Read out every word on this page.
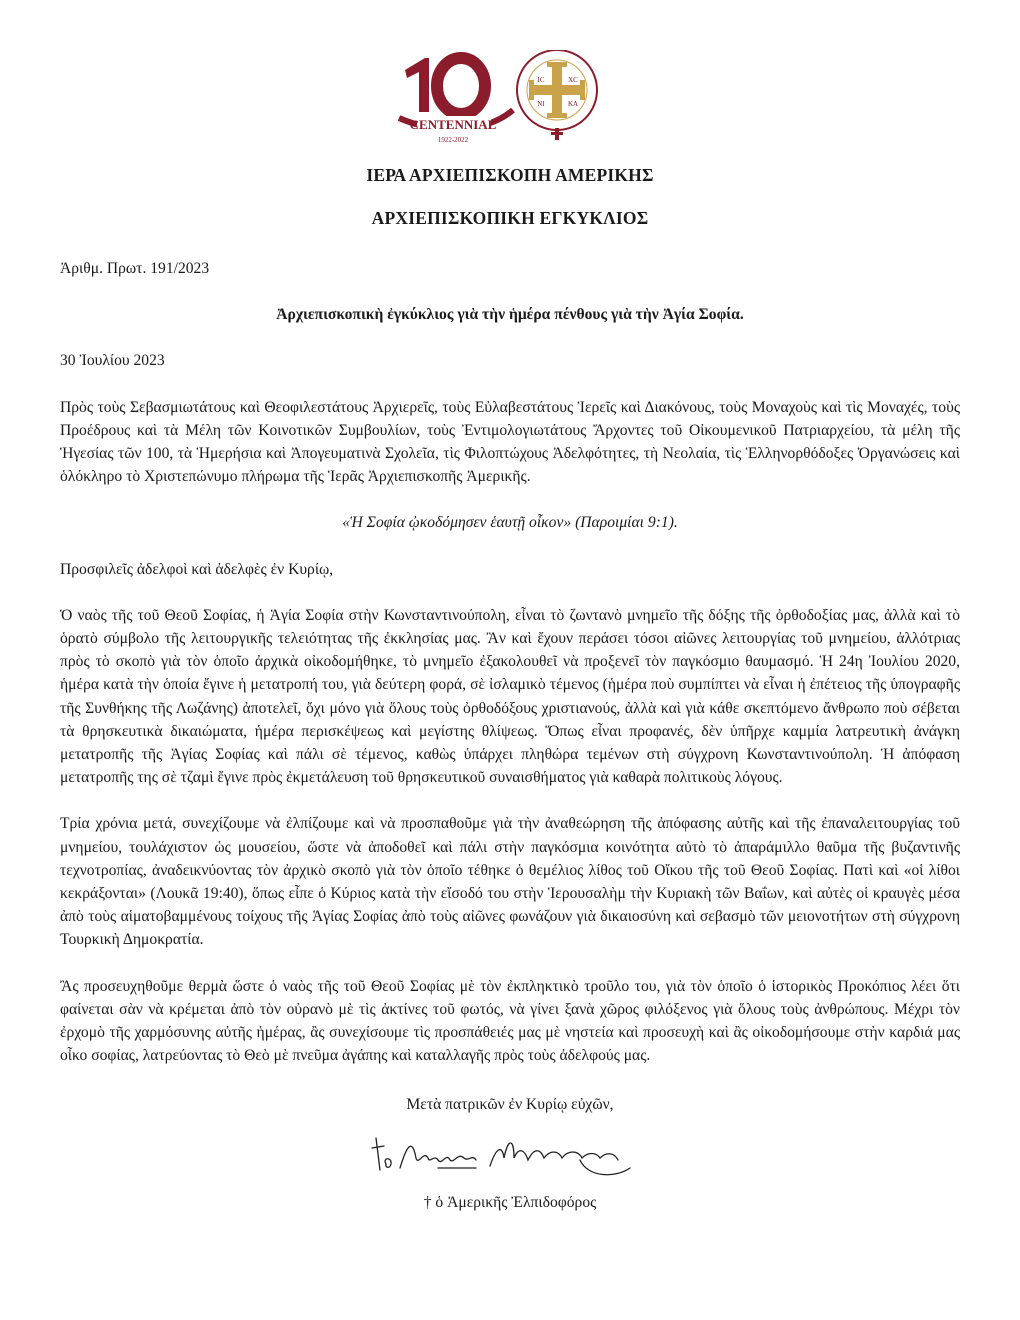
CENTENNIAL
1922-2022
IC	XC
NI	KA
ΙΕΡΑ ΑΡΧΙΕΠΙΣΚΟΠΗ ΑΜΕΡΙΚΗΣ
ΑΡΧΙΕΠΙΣΚΟΠΙΚΗ ΕΓΚΥΚΛΙΟΣ

Ἀριθμ. Πρωτ. 191/2023

Ἀρχιεπισκοπικὴ ἐγκύκλιος γιὰ τὴν ἡμέρα πένθους γιὰ τὴν Ἁγία Σοφία.

30 Ἰουλίου 2023

Πρὸς τοὺς Σεβασμιωτάτους καὶ Θεοφιλεστάτους Ἀρχιερεῖς, τοὺς Εὐλαβεστάτους Ἱερεῖς καὶ Διακόνους, τοὺς Μοναχοὺς καὶ τὶς Μοναχές, τοὺς Προέδρους καὶ τὰ Μέλη τῶν Κοινοτικῶν Συμβουλίων, τοὺς Ἐντιμολογιωτάτους Ἄρχοντες τοῦ Οἰκουμενικοῦ Πατριαρχείου, τὰ μέλη τῆς Ἡγεσίας τῶν 100, τὰ Ἡμερήσια καὶ Ἀπογευματινὰ Σχολεῖα, τὶς Φιλοπτώχους Ἀδελφότητες, τὴ Νεολαία, τὶς Ἑλληνορθόδοξες Ὀργανώσεις καὶ ὁλόκληρο τὸ Χριστεπώνυμο πλήρωμα τῆς Ἱερᾶς Ἀρχιεπισκοπῆς Ἀμερικῆς.

«Ἡ Σοφία ᾠκοδόμησεν ἑαυτῇ οἶκον» (Παροιμίαι 9:1).

Προσφιλεῖς ἀδελφοὶ καὶ ἀδελφὲς ἐν Κυρίῳ,

Ὁ ναὸς τῆς τοῦ Θεοῦ Σοφίας, ἡ Ἁγία Σοφία στὴν Κωνσταντινούπολη, εἶναι τὸ ζωντανὸ μνημεῖο τῆς δόξης τῆς ὀρθοδοξίας μας, ἀλλὰ καὶ τὸ ὁρατὸ σύμβολο τῆς λειτουργικῆς τελειότητας τῆς ἐκκλησίας μας. Ἂν καὶ ἔχουν περάσει τόσοι αἰῶνες λειτουργίας τοῦ μνημείου, ἀλλότριας πρὸς τὸ σκοπὸ γιὰ τὸν ὁποῖο ἀρχικὰ οἰκοδομήθηκε, τὸ μνημεῖο ἐξακολουθεῖ νὰ προξενεῖ τὸν παγκόσμιο θαυμασμό. Ἡ 24η Ἰουλίου 2020, ἡμέρα κατὰ τὴν ὁποία ἔγινε ἡ μετατροπή του, γιὰ δεύτερη φορά, σὲ ἰσλαμικὸ τέμενος (ἡμέρα ποὺ συμπίπτει νὰ εἶναι ἡ ἐπέτειος τῆς ὑπογραφῆς τῆς Συνθήκης τῆς Λωζάνης) ἀποτελεῖ, ὄχι μόνο γιὰ ὅλους τοὺς ὀρθοδόξους χριστιανούς, ἀλλὰ καὶ γιὰ κάθε σκεπτόμενο ἄνθρωπο ποὺ σέβεται τὰ θρησκευτικὰ δικαιώματα, ἡμέρα περισκέψεως καὶ μεγίστης θλίψεως. Ὅπως εἶναι προφανές, δὲν ὑπῆρχε καμμία λατρευτικὴ ἀνάγκη μετατροπῆς τῆς Ἁγίας Σοφίας καὶ πάλι σὲ τέμενος, καθὼς ὑπάρχει πληθώρα τεμένων στὴ σύγχρονη Κωνσταντινούπολη. Ἡ ἀπόφαση μετατροπῆς της σὲ τζαμὶ ἔγινε πρὸς ἐκμετάλευση τοῦ θρησκευτικοῦ συναισθήματος γιὰ καθαρὰ πολιτικοὺς λόγους.

Τρία χρόνια μετά, συνεχίζουμε νὰ ἐλπίζουμε καὶ νὰ προσπαθοῦμε γιὰ τὴν ἀναθεώρηση τῆς ἀπόφασης αὐτῆς καὶ τῆς ἐπαναλειτουργίας τοῦ μνημείου, τουλάχιστον ὡς μουσείου, ὥστε νὰ ἀποδοθεῖ καὶ πάλι στὴν παγκόσμια κοινότητα αὐτὸ τὸ ἀπαράμιλλο θαῦμα τῆς βυζαντινῆς τεχνοτροπίας, ἀναδεικνύοντας τὸν ἀρχικὸ σκοπὸ γιὰ τὸν ὁποῖο τέθηκε ὁ θεμέλιος λίθος τοῦ Οἴκου τῆς τοῦ Θεοῦ Σοφίας. Πατὶ καὶ «οἱ λίθοι κεκράξονται» (Λουκᾶ 19:40), ὅπως εἶπε ὁ Κύριος κατὰ τὴν εἴσοδό του στὴν Ἱερουσαλὴμ τὴν Κυριακὴ τῶν Βαΐων, καὶ αὐτὲς οἱ κραυγὲς μέσα ἀπὸ τοὺς αἱματοβαμμένους τοίχους τῆς Ἁγίας Σοφίας ἀπὸ τοὺς αἰῶνες φωνάζουν γιὰ δικαιοσύνη καὶ σεβασμὸ τῶν μειονοτήτων στὴ σύγχρονη Τουρκικὴ Δημοκρατία.

Ἂς προσευχηθοῦμε θερμὰ ὥστε ὁ ναὸς τῆς τοῦ Θεοῦ Σοφίας μὲ τὸν ἐκπληκτικὸ τροῦλο του, γιὰ τὸν ὁποῖο ὁ ἱστορικὸς Προκόπιος λέει ὅτι φαίνεται σὰν νὰ κρέμεται ἀπὸ τὸν οὐρανὸ μὲ τὶς ἀκτίνες τοῦ φωτός, νὰ γίνει ξανὰ χῶρος φιλόξενος γιὰ ὅλους τοὺς ἀνθρώπους. Μέχρι τὸν ἐρχομὸ τῆς χαρμόσυνης αὐτῆς ἡμέρας, ἂς συνεχίσουμε τὶς προσπάθειές μας μὲ νηστεία καὶ προσευχὴ καὶ ἂς οἰκοδομήσουμε στὴν καρδιά μας οἶκο σοφίας, λατρεύοντας τὸ Θεὸ μὲ πνεῦμα ἀγάπης καὶ καταλλαγῆς πρὸς τοὺς ἀδελφούς μας.

Μετὰ πατρικῶν ἐν Κυρίῳ εὐχῶν,
† ὁ Ἀμερικῆς Ἐλπιδοφόρος
